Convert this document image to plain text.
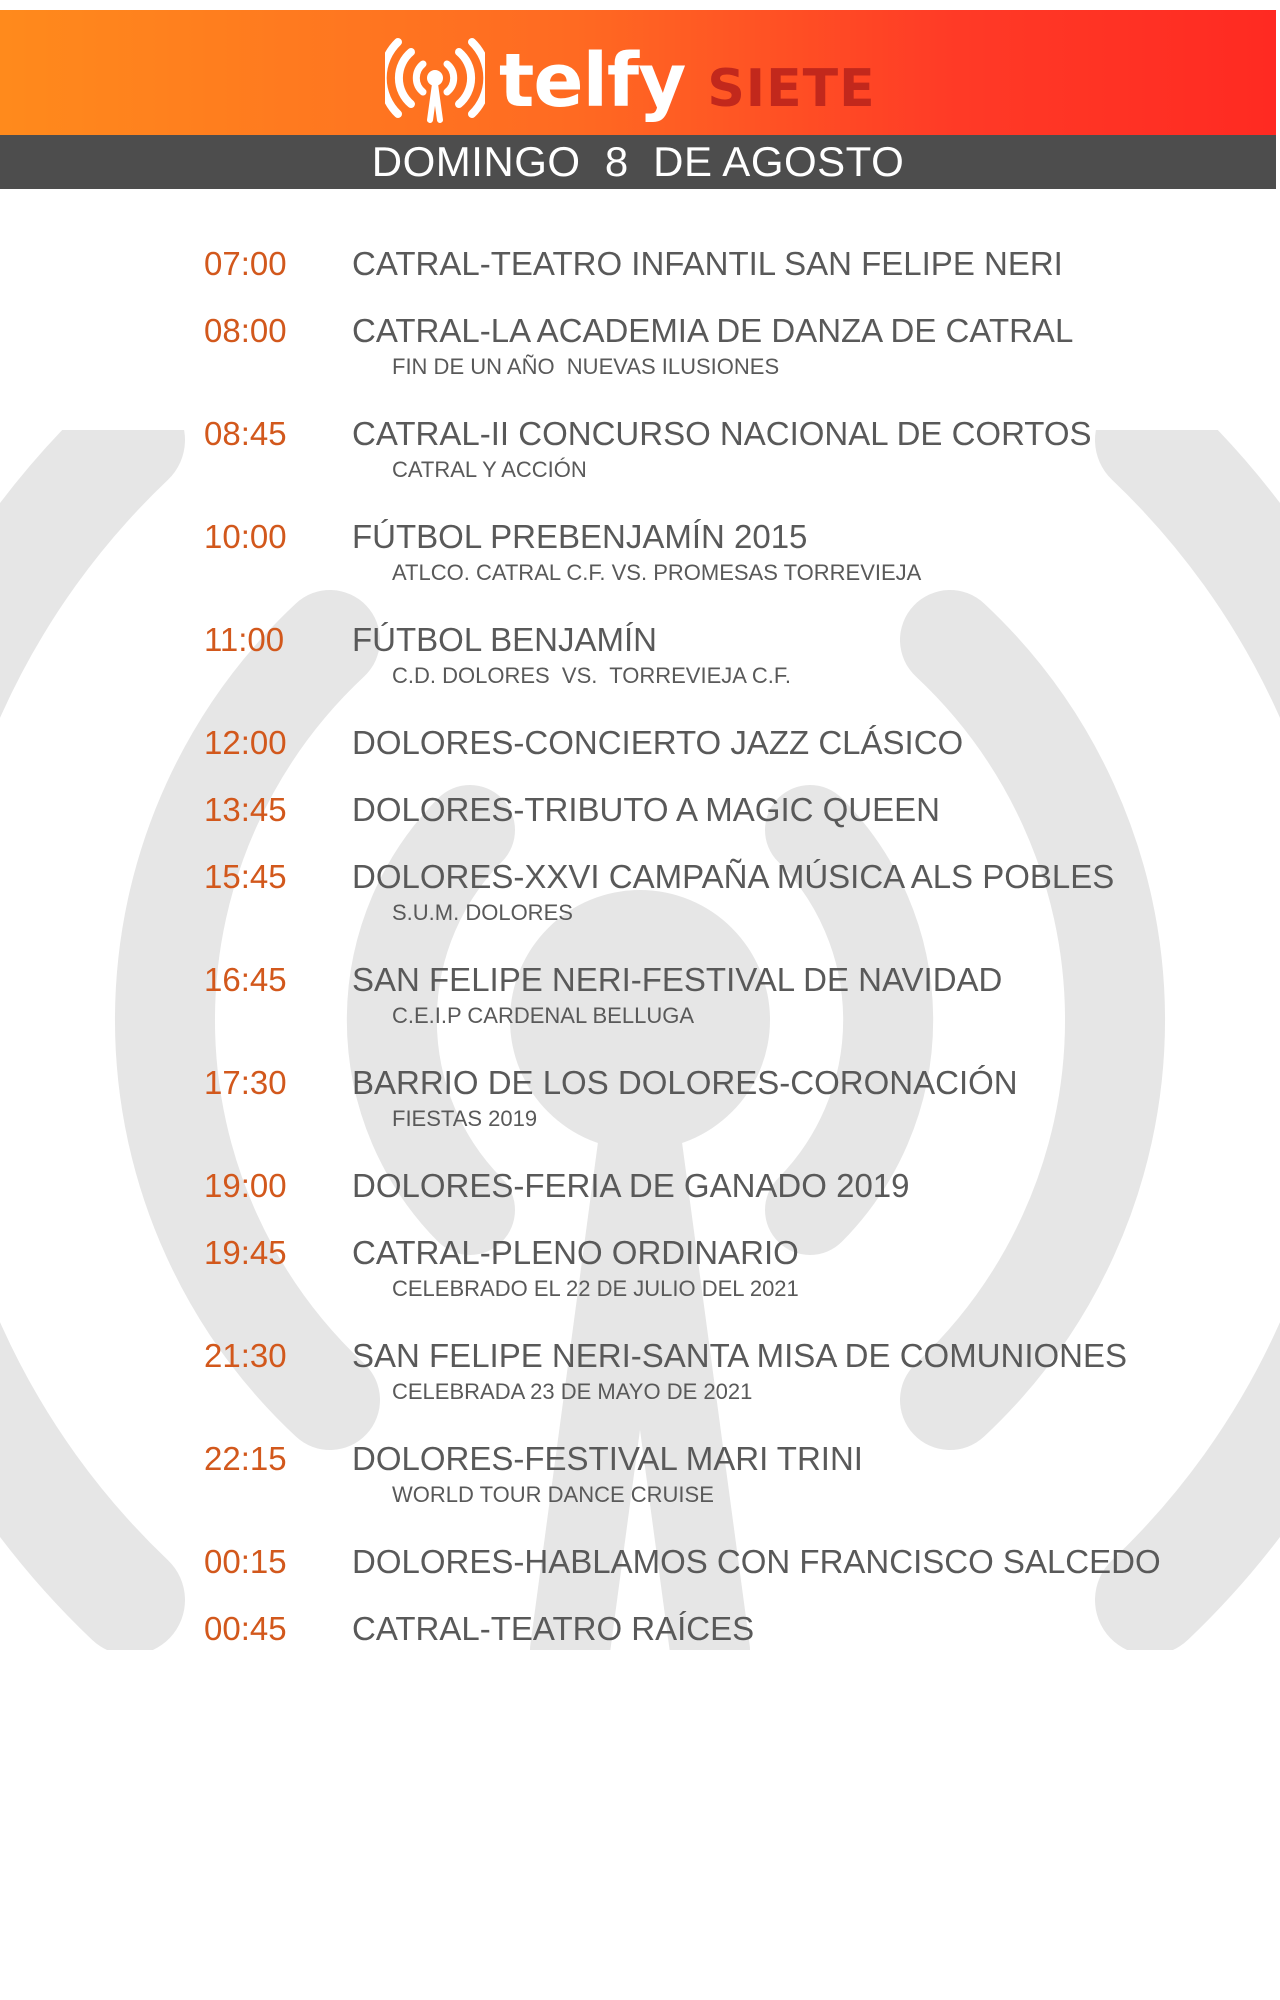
telfy SIETE
DOMINGO  8  DE AGOSTO
07:00 CATRAL-TEATRO INFANTIL SAN FELIPE NERI
08:00 CATRAL-LA ACADEMIA DE DANZA DE CATRAL
FIN DE UN AÑO  NUEVAS ILUSIONES
08:45 CATRAL-II CONCURSO NACIONAL DE CORTOS
CATRAL Y ACCIÓN
10:00 FÚTBOL PREBENJAMÍN 2015
ATLCO. CATRAL C.F. VS. PROMESAS TORREVIEJA
11:00 FÚTBOL BENJAMÍN
C.D. DOLORES  VS.  TORREVIEJA C.F.
12:00 DOLORES-CONCIERTO JAZZ CLÁSICO
13:45 DOLORES-TRIBUTO A MAGIC QUEEN
15:45 DOLORES-XXVI CAMPAÑA MÚSICA ALS POBLES
S.U.M. DOLORES
16:45 SAN FELIPE NERI-FESTIVAL DE NAVIDAD
C.E.I.P CARDENAL BELLUGA
17:30 BARRIO DE LOS DOLORES-CORONACIÓN
FIESTAS 2019
19:00 DOLORES-FERIA DE GANADO 2019
19:45 CATRAL-PLENO ORDINARIO
CELEBRADO EL 22 DE JULIO DEL 2021
21:30 SAN FELIPE NERI-SANTA MISA DE COMUNIONES
CELEBRADA 23 DE MAYO DE 2021
22:15 DOLORES-FESTIVAL MARI TRINI
WORLD TOUR DANCE CRUISE
00:15 DOLORES-HABLAMOS CON FRANCISCO SALCEDO
00:45 CATRAL-TEATRO RAÍCES
